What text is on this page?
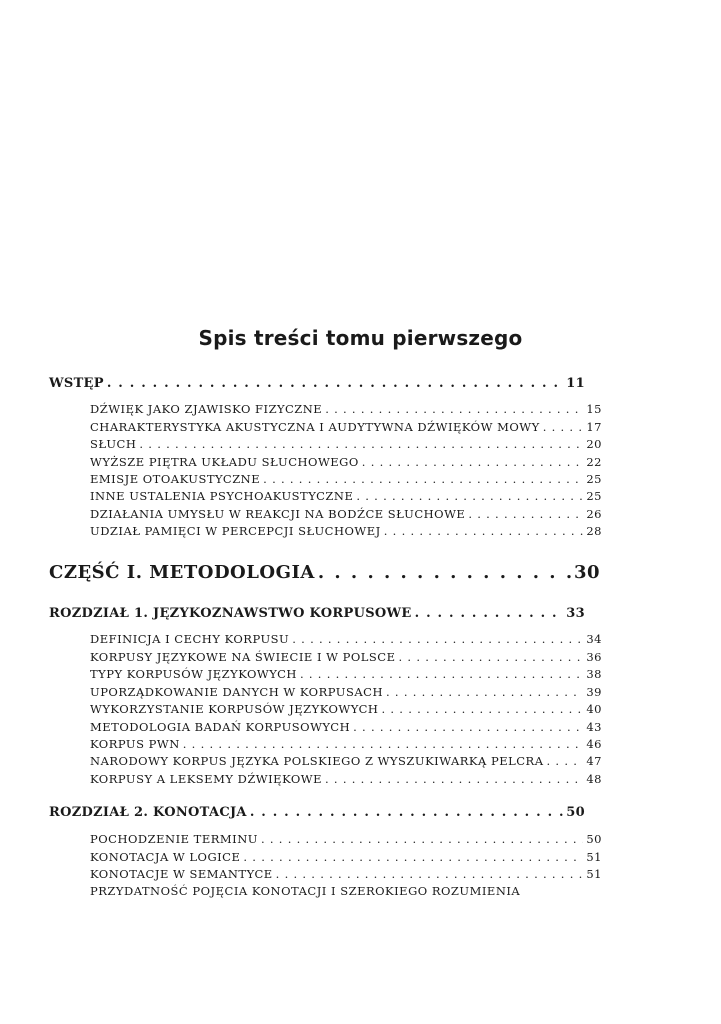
Spis treści tomu pierwszego
WSTĘP . . .	11
DŹWIĘK JAKO ZJAWISKO FIZYCZNE . . .	15
CHARAKTERYSTYKA AKUSTYCZNA I AUDYTYWNA DŹWIĘKÓW MOWY . . .	17
SŁUCH . . .	20
WYŻSZE PIĘTRA UKŁADU SŁUCHOWEGO . . .	22
EMISJE OTOAKUSTYCZNE . . .	25
INNE USTALENIA PSYCHOAKUSTYCZNE . . .	25
DZIAŁANIA UMYSŁU W REAKCJI NA BODŹCE SŁUCHOWE . . .	26
UDZIAŁ PAMIĘCI W PERCEPCJI SŁUCHOWEJ . . .	28
CZĘŚĆ I. METODOLOGIA . . .	30
ROZDZIAŁ 1. JĘZYKOZNAWSTWO KORPUSOWE . . .	33
DEFINICJA I CECHY KORPUSU . . .	34
KORPUSY JĘZYKOWE NA ŚWIECIE I W POLSCE . . .	36
TYPY KORPUSÓW JĘZYKOWYCH . . .	38
UPORZĄDKOWANIE DANYCH W KORPUSACH . . .	39
WYKORZYSTANIE KORPUSÓW JĘZYKOWYCH . . .	40
METODOLOGIA BADAŃ KORPUSOWYCH . . .	43
KORPUS PWN . . .	46
NARODOWY KORPUS JĘZYKA POLSKIEGO Z WYSZUKIWARKĄ PELCRA . . .	47
KORPUSY A LEKSEMY DŹWIĘKOWE . . .	48
ROZDZIAŁ 2. KONOTACJA . . .	50
POCHODZENIE TERMINU . . .	50
KONOTACJA W LOGICE . . .	51
KONOTACJE W SEMANTYCE . . .	51
PRZYDATNOŚĆ POJĘCIA KONOTACJI I SZEROKIEGO ROZUMIENIA
